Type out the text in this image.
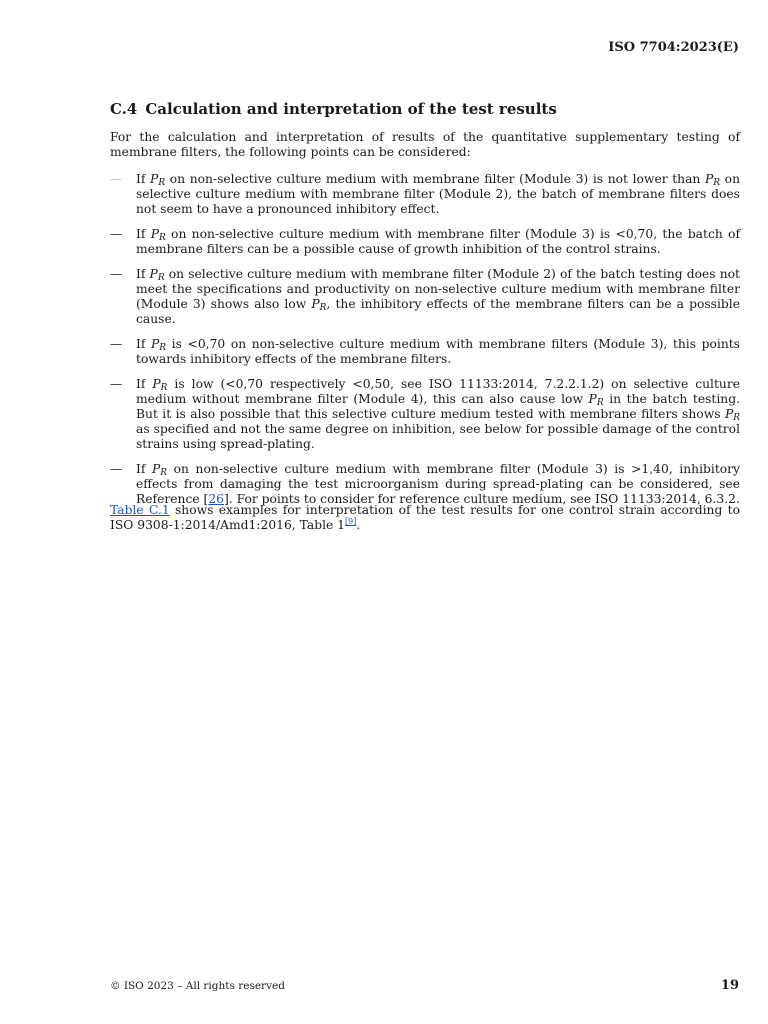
ISO 7704:2023(E)
C.4 Calculation and interpretation of the test results

For the calculation and interpretation of results of the quantitative supplementary testing of membrane filters, the following points can be considered:

— If $P_R$ on non-selective culture medium with membrane filter (Module 3) is not lower than $P_R$ on selective culture medium with membrane filter (Module 2), the batch of membrane filters does not seem to have a pronounced inhibitory effect.
— If $P_R$ on non-selective culture medium with membrane filter (Module 3) is <0,70, the batch of membrane filters can be a possible cause of growth inhibition of the control strains.
— If $P_R$ on selective culture medium with membrane filter (Module 2) of the batch testing does not meet the specifications and productivity on non-selective culture medium with membrane filter (Module 3) shows also low $P_R$, the inhibitory effects of the membrane filters can be a possible cause.
— If $P_R$ is <0,70 on non-selective culture medium with membrane filters (Module 3), this points towards inhibitory effects of the membrane filters.
— If $P_R$ is low (<0,70 respectively <0,50, see ISO 11133:2014, 7.2.2.1.2) on selective culture medium without membrane filter (Module 4), this can also cause low $P_R$ in the batch testing. But it is also possible that this selective culture medium tested with membrane filters shows $P_R$ as specified and not the same degree on inhibition, see below for possible damage of the control strains using spread-plating.
— If $P_R$ on non-selective culture medium with membrane filter (Module 3) is >1,40, inhibitory effects from damaging the test microorganism during spread-plating can be considered, see Reference [26]. For points to consider for reference culture medium, see ISO 11133:2014, 6.3.2.

Table C.1 shows examples for interpretation of the test results for one control strain according to ISO 9308-1:2014/Amd1:2016, Table 1[9].

© ISO 2023 – All rights reserved	19
